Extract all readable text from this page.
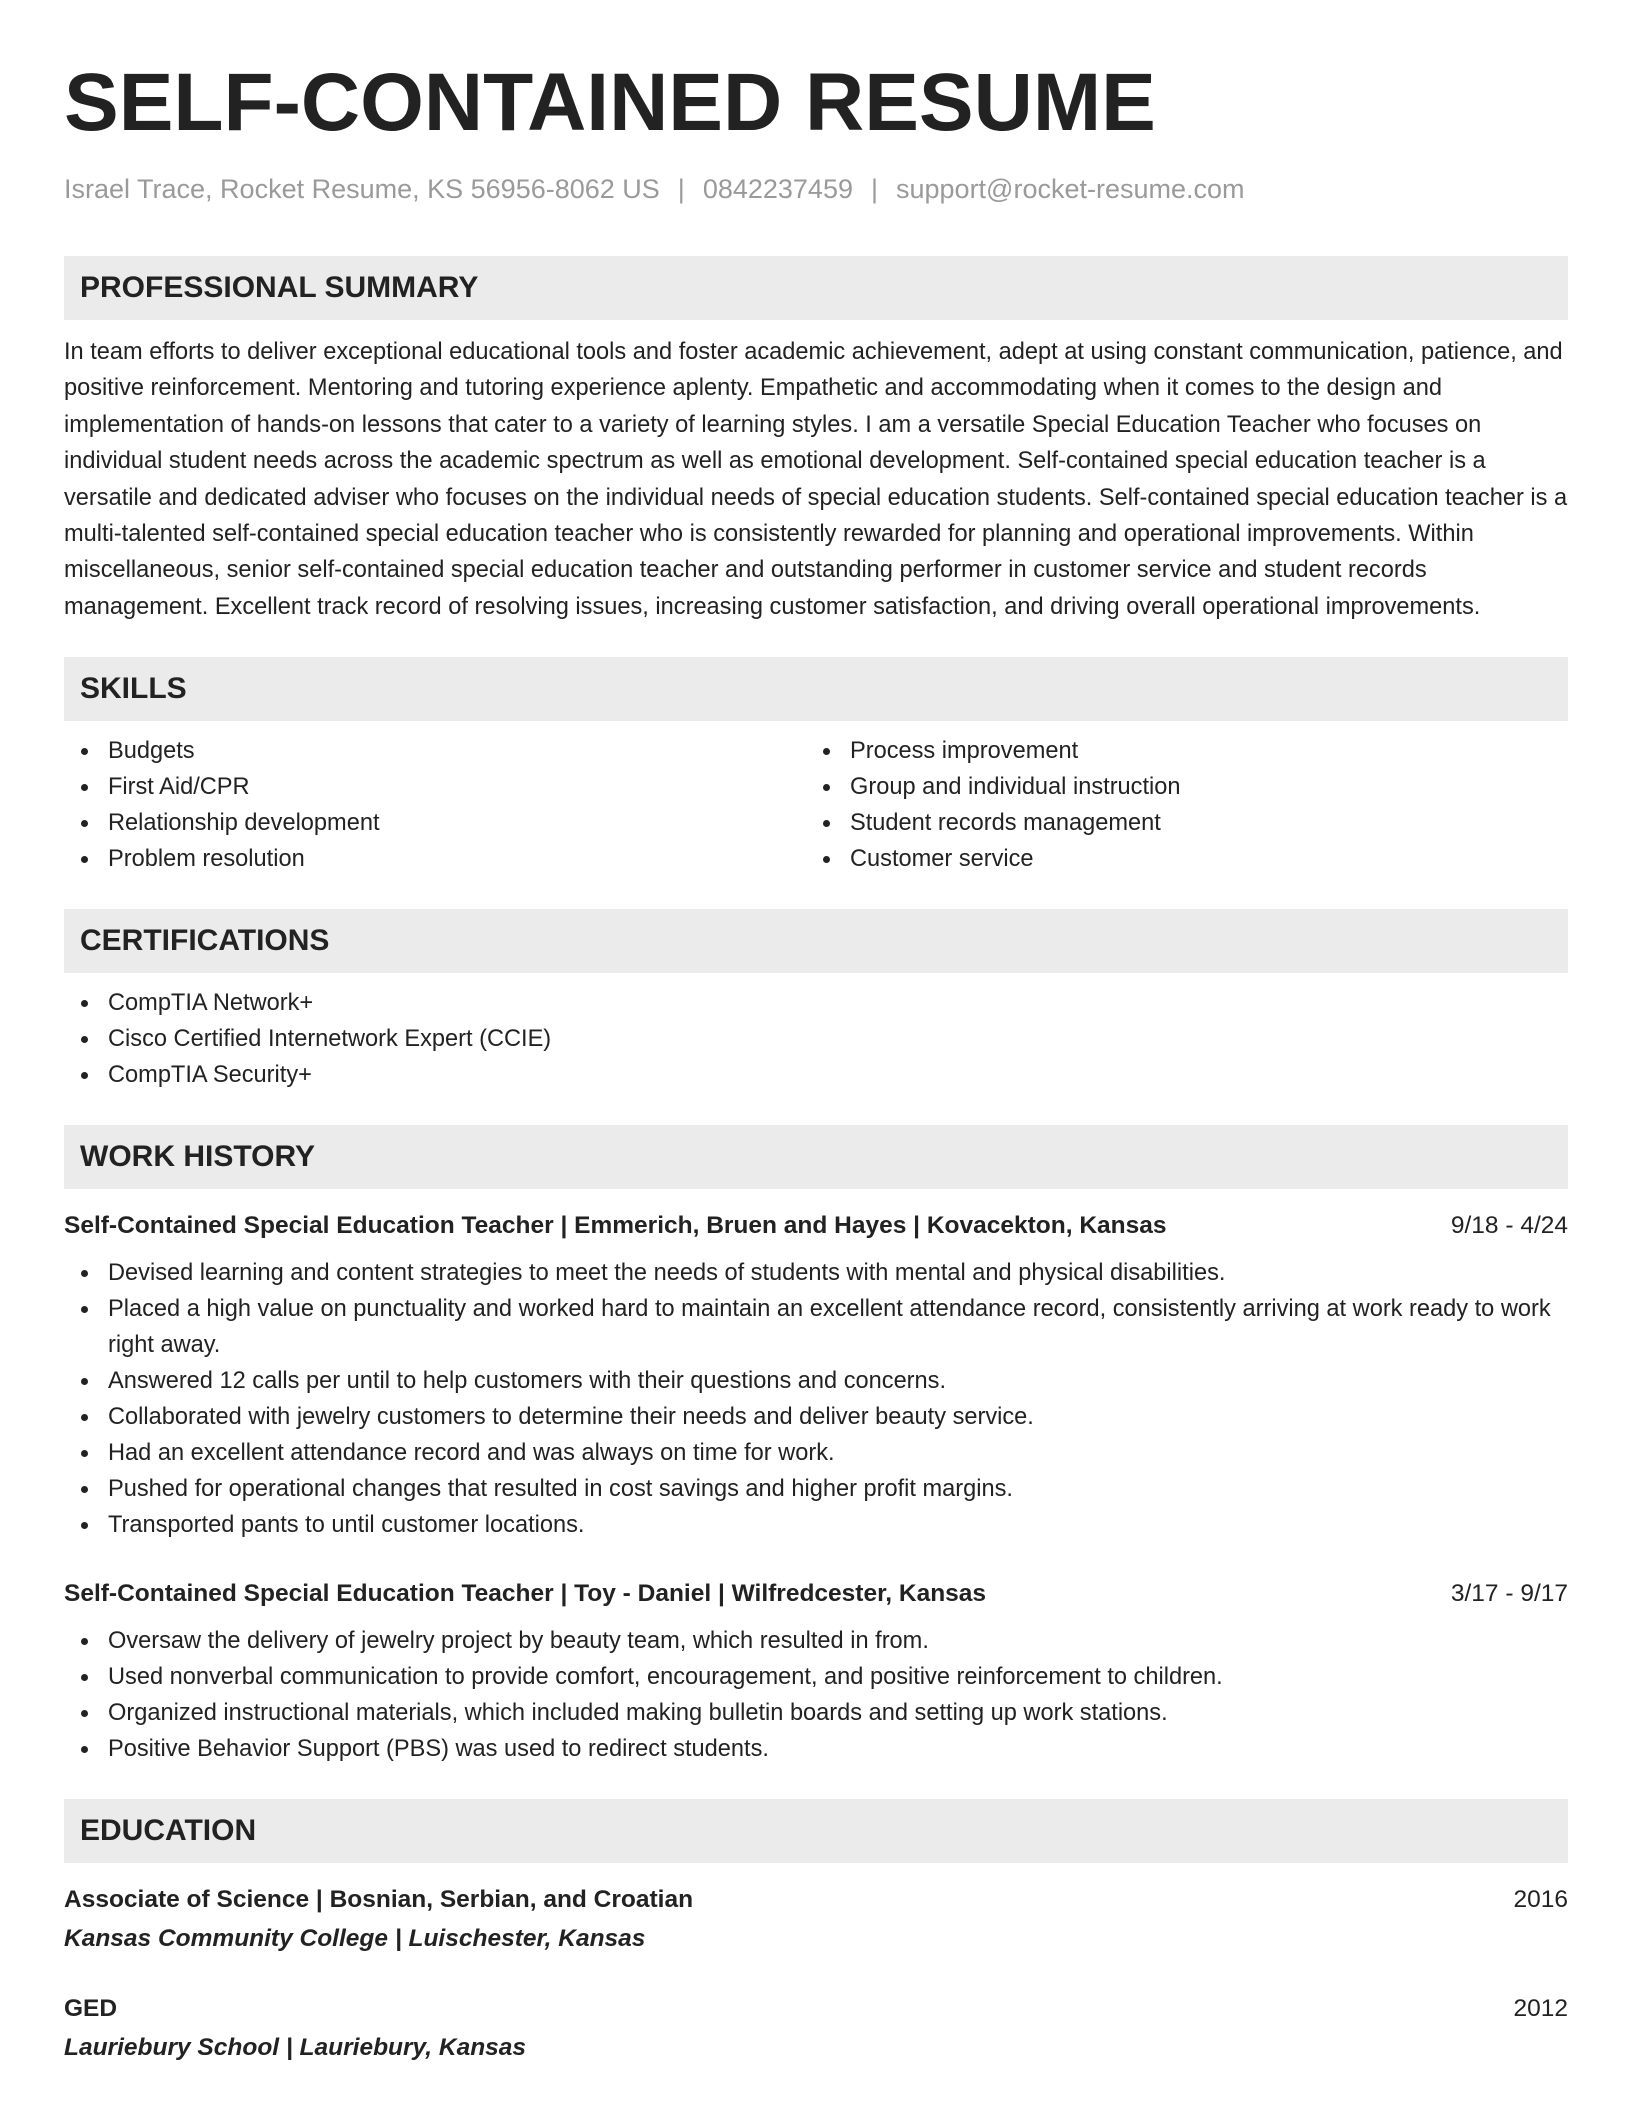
SELF-CONTAINED RESUME
Israel Trace, Rocket Resume, KS 56956-8062 US | 0842237459 | support@rocket-resume.com
PROFESSIONAL SUMMARY
In team efforts to deliver exceptional educational tools and foster academic achievement, adept at using constant communication, patience, and positive reinforcement. Mentoring and tutoring experience aplenty. Empathetic and accommodating when it comes to the design and implementation of hands-on lessons that cater to a variety of learning styles. I am a versatile Special Education Teacher who focuses on individual student needs across the academic spectrum as well as emotional development. Self-contained special education teacher is a versatile and dedicated adviser who focuses on the individual needs of special education students. Self-contained special education teacher is a multi-talented self-contained special education teacher who is consistently rewarded for planning and operational improvements. Within miscellaneous, senior self-contained special education teacher and outstanding performer in customer service and student records management. Excellent track record of resolving issues, increasing customer satisfaction, and driving overall operational improvements.
SKILLS
Budgets
First Aid/CPR
Relationship development
Problem resolution
Process improvement
Group and individual instruction
Student records management
Customer service
CERTIFICATIONS
CompTIA Network+
Cisco Certified Internetwork Expert (CCIE)
CompTIA Security+
WORK HISTORY
Self-Contained Special Education Teacher | Emmerich, Bruen and Hayes | Kovacekton, Kansas	9/18 - 4/24
Devised learning and content strategies to meet the needs of students with mental and physical disabilities.
Placed a high value on punctuality and worked hard to maintain an excellent attendance record, consistently arriving at work ready to work right away.
Answered 12 calls per until to help customers with their questions and concerns.
Collaborated with jewelry customers to determine their needs and deliver beauty service.
Had an excellent attendance record and was always on time for work.
Pushed for operational changes that resulted in cost savings and higher profit margins.
Transported pants to until customer locations.
Self-Contained Special Education Teacher | Toy - Daniel | Wilfredcester, Kansas	3/17 - 9/17
Oversaw the delivery of jewelry project by beauty team, which resulted in from.
Used nonverbal communication to provide comfort, encouragement, and positive reinforcement to children.
Organized instructional materials, which included making bulletin boards and setting up work stations.
Positive Behavior Support (PBS) was used to redirect students.
EDUCATION
Associate of Science | Bosnian, Serbian, and Croatian	2016
Kansas Community College | Luischester, Kansas
GED	2012
Lauriebury School | Lauriebury, Kansas
